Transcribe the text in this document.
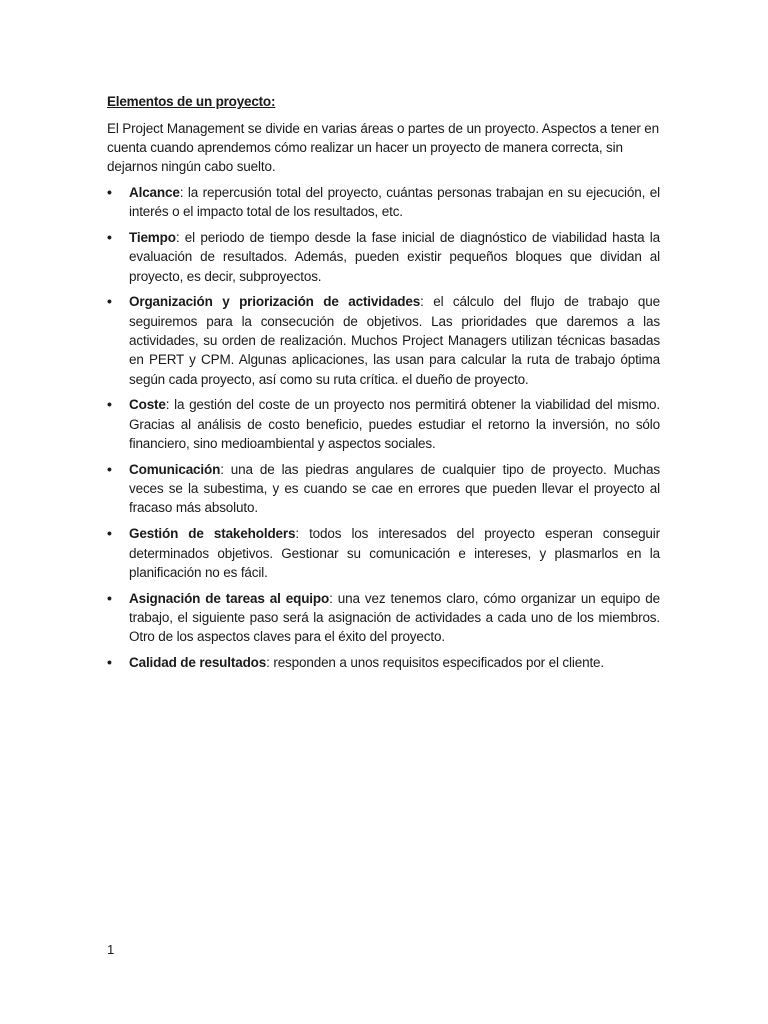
Elementos de un proyecto:

El Project Management se divide en varias áreas o partes de un proyecto. Aspectos a tener en cuenta cuando aprendemos cómo realizar un hacer un proyecto de manera correcta, sin dejarnos ningún cabo suelto.

• Alcance: la repercusión total del proyecto, cuántas personas trabajan en su ejecución, el interés o el impacto total de los resultados, etc.
• Tiempo: el periodo de tiempo desde la fase inicial de diagnóstico de viabilidad hasta la evaluación de resultados. Además, pueden existir pequeños bloques que dividan al proyecto, es decir, subproyectos.
• Organización y priorización de actividades: el cálculo del flujo de trabajo que seguiremos para la consecución de objetivos. Las prioridades que daremos a las actividades, su orden de realización. Muchos Project Managers utilizan técnicas basadas en PERT y CPM. Algunas aplicaciones, las usan para calcular la ruta de trabajo óptima según cada proyecto, así como su ruta crítica. el dueño de proyecto.
• Coste: la gestión del coste de un proyecto nos permitirá obtener la viabilidad del mismo. Gracias al análisis de costo beneficio, puedes estudiar el retorno la inversión, no sólo financiero, sino medioambiental y aspectos sociales.
• Comunicación: una de las piedras angulares de cualquier tipo de proyecto. Muchas veces se la subestima, y es cuando se cae en errores que pueden llevar el proyecto al fracaso más absoluto.
• Gestión de stakeholders: todos los interesados del proyecto esperan conseguir determinados objetivos. Gestionar su comunicación e intereses, y plasmarlos en la planificación no es fácil.
• Asignación de tareas al equipo: una vez tenemos claro, cómo organizar un equipo de trabajo, el siguiente paso será la asignación de actividades a cada uno de los miembros. Otro de los aspectos claves para el éxito del proyecto.
• Calidad de resultados: responden a unos requisitos especificados por el cliente.
1
